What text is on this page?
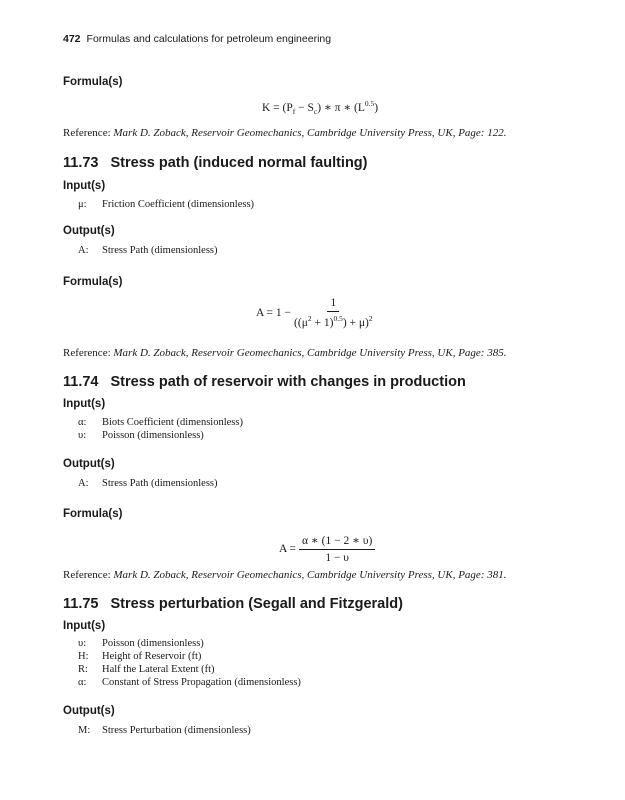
472 Formulas and calculations for petroleum engineering
Formula(s)
$K = (P_f - S_c)$ ∗ π ∗ $(L^{0.5})$
Reference: Mark D. Zoback, Reservoir Geomechanics, Cambridge University Press, UK, Page: 122.
11.73 Stress path (induced normal faulting)
Input(s)
μ: Friction Coefficient (dimensionless)
Output(s)
A: Stress Path (dimensionless)
Formula(s)
$A = 1 - \frac{1}{((\mu^2 + 1)^{0.5}) + \mu)^2}$
Reference: Mark D. Zoback, Reservoir Geomechanics, Cambridge University Press, UK, Page: 385.
11.74 Stress path of reservoir with changes in production
Input(s)
α: Biots Coefficient (dimensionless)
υ: Poisson (dimensionless)
Output(s)
A: Stress Path (dimensionless)
Formula(s)
$A = \frac{\alpha ∗ (1 - 2 ∗ \upsilon)}{1 - \upsilon}$
Reference: Mark D. Zoback, Reservoir Geomechanics, Cambridge University Press, UK, Page: 381.
11.75 Stress perturbation (Segall and Fitzgerald)
Input(s)
υ: Poisson (dimensionless)
H: Height of Reservoir (ft)
R: Half the Lateral Extent (ft)
α: Constant of Stress Propagation (dimensionless)
Output(s)
M: Stress Perturbation (dimensionless)
